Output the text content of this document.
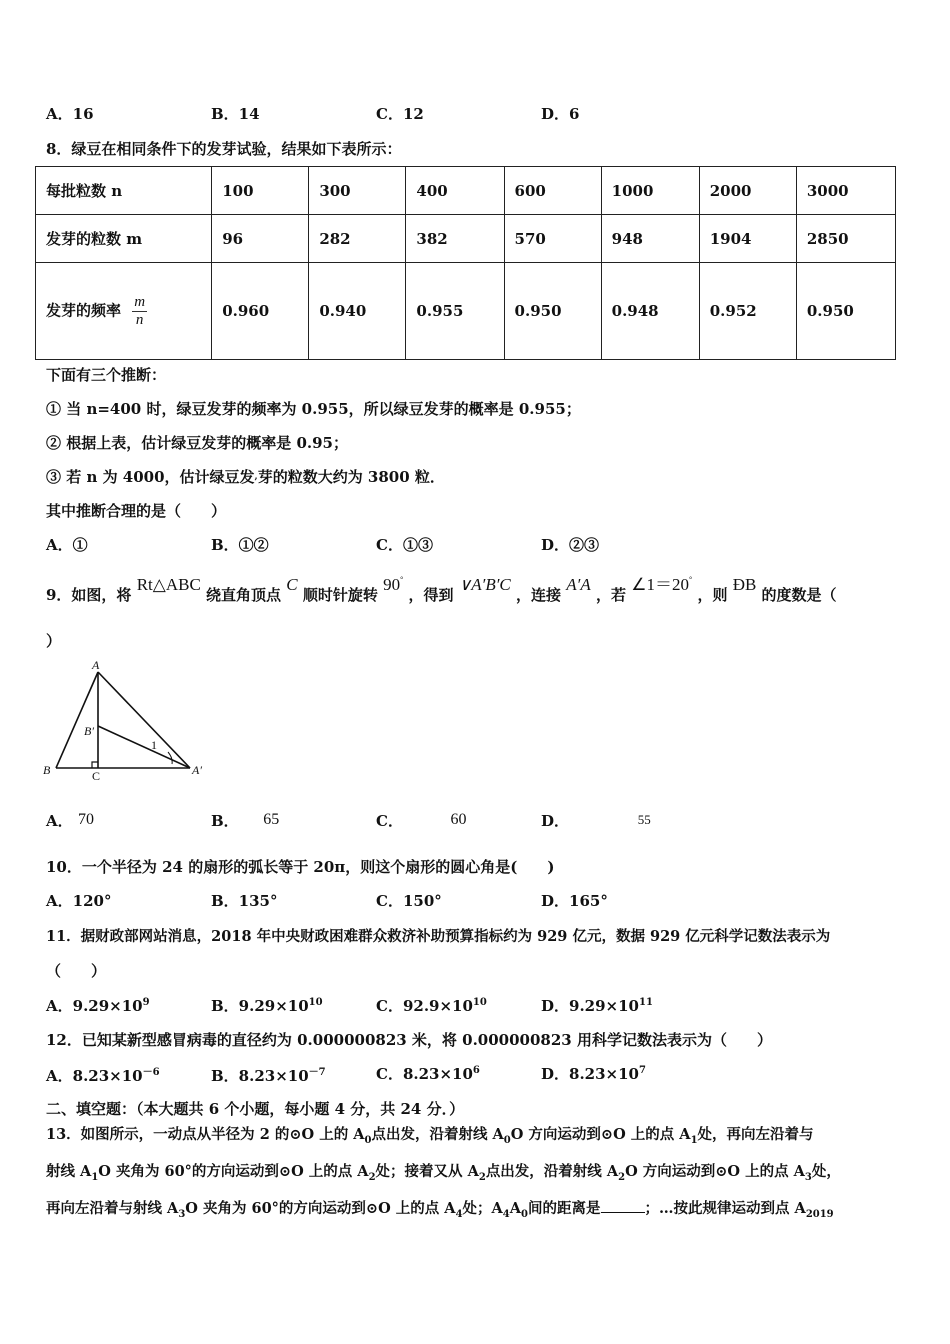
A．16	B．14	C．12	D．6
8．绿豆在相同条件下的发芽试验，结果如下表所示：
每批粒数 n	100	300	400	600	1000	2000	3000
发芽的粒数 m	96	282	382	570	948	1904	2850
发芽的频率 $\frac{m}{n}$	0.960	0.940	0.955	0.950	0.948	0.952	0.950
下面有三个推断：
① 当 n=400 时，绿豆发芽的频率为 0.955，所以绿豆发芽的概率是 0.955；
② 根据上表，估计绿豆发芽的概率是 0.95；
③ 若 n 为 4000，估计绿豆发,芽的粒数大约为 3800 粒．
其中推断合理的是（　　）
A．①	B．①②	C．①③	D．②③
9．如图，将 Rt△ABC 绕直角顶点 C 顺时针旋转 90° ，得到 ∨A′B′C ，连接 A′A ，若 ∠1＝20° ，则 ÐB 的度数是（
）
A
B	C
B′
A′
1
A． 70	B． 65	C．	60	D．	55
10．一个半径为 24 的扇形的弧长等于 20π，则这个扇形的圆心角是(　　)
A．120°	B．135°	C．150°	D．165°
11．据财政部网站消息，2018 年中央财政困难群众救济补助预算指标约为 929 亿元，数据 929 亿元科学记数法表示为
（　　）
A．$9.29\times 10^9$	B．$9.29\times 10^{10}$	C．$92.9\times 10^{10}$	D．$9.29\times 10^{11}$
12．已知某新型感冒病毒的直径约为 0.000000823 米，将 0.000000823 用科学记数法表示为（　　）
A．$8.23\times 10^{-6}$	B．$8.23\times 10^{-7}$	C．$8.23\times 10^6$	D．$8.23\times 10^7$
二、填空题：（本大题共 6 个小题，每小题 4 分，共 24 分．）
13．如图所示，一动点从半径为 2 的⊙O 上的 $A_0$点出发，沿着射线 $A_0O$ 方向运动到⊙O 上的点 $A_1$处，再向左沿着与
射线 $A_1O$ 夹角为 60°的方向运动到⊙O 上的点 $A_2$处；接着又从 $A_2$点出发，沿着射线 $A_2O$ 方向运动到⊙O 上的点 $A_3$处，
再向左沿着与射线 $A_3O$ 夹角为 60°的方向运动到⊙O 上的点 $A_4$处；$A_4A_0$间的距离是	；…按此规律运动到点 $A_{2019}$
